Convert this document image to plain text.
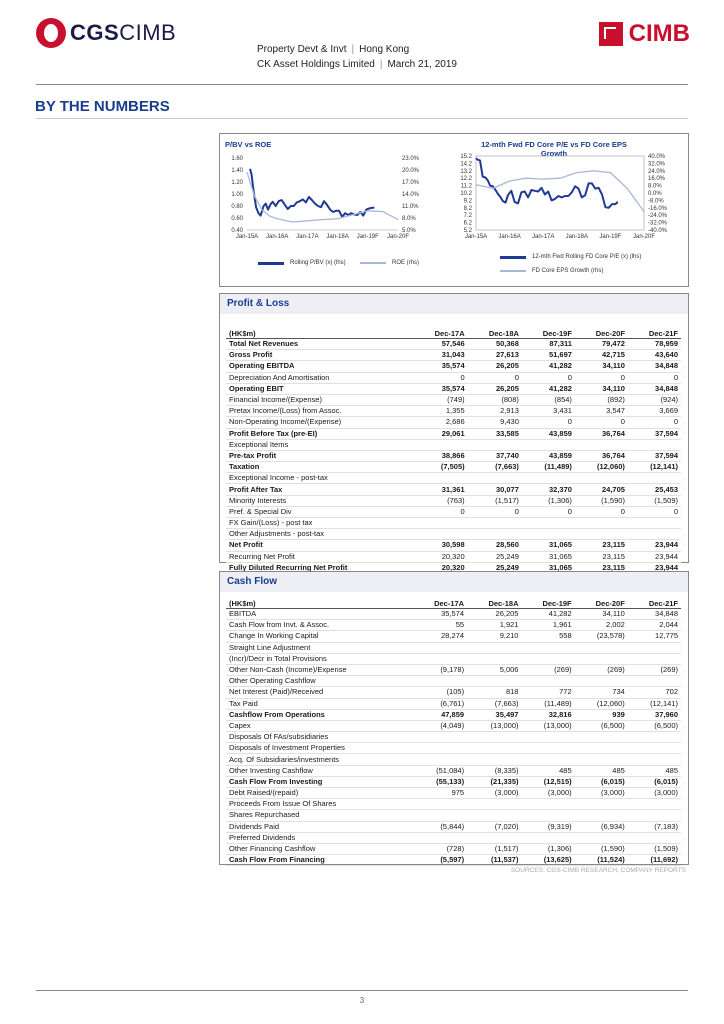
CGSCIMB	CIMB
Property Devt & Invt | Hong Kong
CK Asset Holdings Limited | March 21, 2019
BY THE NUMBERS
P/BV vs ROE	12-mth Fwd FD Core P/E vs FD Core EPS Growth
1.60
1.40
1.20
1.00
0.80
0.60
0.40
23.0%
20.0%
17.0%
14.0%
11.0%
8.0%
5.0%
Jan-15A Jan-16A Jan-17A Jan-18A Jan-19F Jan-20F
15.2
14.2
13.2
12.2
11.2
10.2
9.2
8.2
7.2
6.2
5.2
40.0%
32.0%
24.0%
16.0%
8.0%
0.0%
-8.0%
-16.0%
-24.0%
-32.0%
-40.0%
Jan-15A Jan-16A Jan-17A Jan-18A Jan-19F Jan-20F
Rolling P/BV (x) (lhs)	ROE (rhs)
12-mth Fwd Rolling FD Core P/E (x) (lhs)
FD Core EPS Growth (rhs)
Profit & Loss
(HK$m)	Dec-17A	Dec-18A	Dec-19F	Dec-20F	Dec-21F
Total Net Revenues	57,546	50,368	87,311	79,472	78,959
Gross Profit	31,043	27,613	51,697	42,715	43,640
Operating EBITDA	35,574	26,205	41,282	34,110	34,848
Depreciation And Amortisation	0	0	0	0	0
Operating EBIT	35,574	26,205	41,282	34,110	34,848
Financial Income/(Expense)	(749)	(808)	(854)	(892)	(924)
Pretax Income/(Loss) from Assoc.	1,355	2,913	3,431	3,547	3,669
Non-Operating Income/(Expense)	2,686	9,430	0	0	0
Profit Before Tax (pre-EI)	29,061	33,585	43,859	36,764	37,594
Exceptional Items					
Pre-tax Profit	38,866	37,740	43,859	36,764	37,594
Taxation	(7,505)	(7,663)	(11,489)	(12,060)	(12,141)
Exceptional Income - post-tax					
Profit After Tax	31,361	30,077	32,370	24,705	25,453
Minority Interests	(763)	(1,517)	(1,306)	(1,590)	(1,509)
Pref. & Special Div	0	0	0	0	0
FX Gain/(Loss) - post tax					
Other Adjustments - post-tax					
Net Profit	30,598	28,560	31,065	23,115	23,944
Recurring Net Profit	20,320	25,249	31,065	23,115	23,944
Fully Diluted Recurring Net Profit	20,320	25,249	31,065	23,115	23,944
Cash Flow
(HK$m)	Dec-17A	Dec-18A	Dec-19F	Dec-20F	Dec-21F
EBITDA	35,574	26,205	41,282	34,110	34,848
Cash Flow from Invt. & Assoc.	55	1,921	1,961	2,002	2,044
Change In Working Capital	28,274	9,210	558	(23,578)	12,775
Straight Line Adjustment					
(Incr)/Decr in Total Provisions					
Other Non-Cash (Income)/Expense	(9,178)	5,006	(269)	(269)	(269)
Other Operating Cashflow					
Net Interest (Paid)/Received	(105)	818	772	734	702
Tax Paid	(6,761)	(7,663)	(11,489)	(12,060)	(12,141)
Cashflow From Operations	47,859	35,497	32,816	939	37,960
Capex	(4,049)	(13,000)	(13,000)	(6,500)	(6,500)
Disposals Of FAs/subsidiaries					
Disposals of Investment Properties					
Acq. Of Subsidiaries/investments					
Other Investing Cashflow	(51,084)	(8,335)	485	485	485
Cash Flow From Investing	(55,133)	(21,335)	(12,515)	(6,015)	(6,015)
Debt Raised/(repaid)	975	(3,000)	(3,000)	(3,000)	(3,000)
Proceeds From Issue Of Shares					
Shares Repurchased					
Dividends Paid	(5,844)	(7,020)	(9,319)	(6,934)	(7,183)
Preferred Dividends					
Other Financing Cashflow	(728)	(1,517)	(1,306)	(1,590)	(1,509)
Cash Flow From Financing	(5,597)	(11,537)	(13,625)	(11,524)	(11,692)
SOURCES: CGS-CIMB RESEARCH, COMPANY REPORTS
3
